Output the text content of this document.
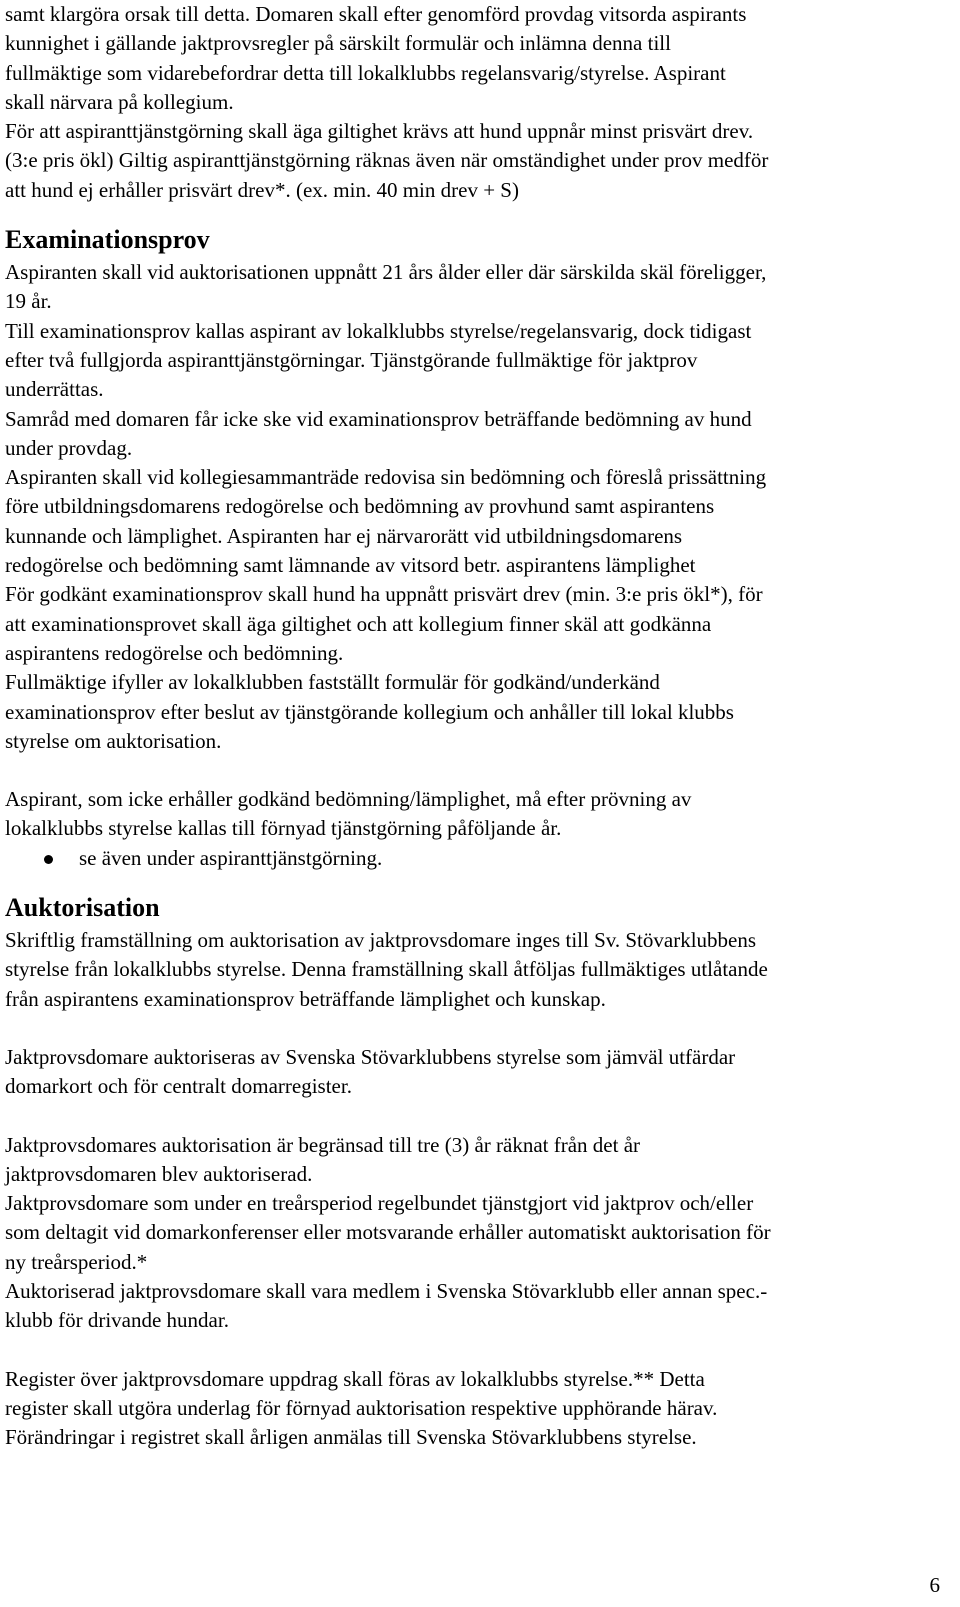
samt klargöra orsak till detta. Domaren skall efter genomförd provdag vitsorda aspirants
kunnighet i gällande jaktprovsregler på särskilt formulär och inlämna denna till
fullmäktige som vidarebefordrar detta till lokalklubbs regelansvarig/styrelse. Aspirant
skall närvara på kollegium.
För att aspiranttjänstgörning skall äga giltighet krävs att hund uppnår minst prisvärt drev.
(3:e pris ökl) Giltig aspiranttjänstgörning räknas även när omständighet under prov medför
att hund ej erhåller prisvärt drev*. (ex. min. 40 min drev + S)
Examinationsprov
Aspiranten skall vid auktorisationen uppnått 21 års ålder eller där särskilda skäl föreligger,
19 år.
Till examinationsprov kallas aspirant av lokalklubbs styrelse/regelansvarig, dock tidigast
efter två fullgjorda aspiranttjänstgörningar. Tjänstgörande fullmäktige för jaktprov
underrättas.
Samråd med domaren får icke ske vid examinationsprov beträffande bedömning av hund
under provdag.
Aspiranten skall vid kollegiesammanträde redovisa sin bedömning och föreslå prissättning
före utbildningsdomarens redogörelse och bedömning av provhund samt aspirantens
kunnande och lämplighet. Aspiranten har ej närvarorätt vid utbildningsdomarens
redogörelse och bedömning samt lämnande av vitsord betr. aspirantens lämplighet
För godkänt examinationsprov skall hund ha uppnått prisvärt drev (min. 3:e pris ökl*), för
att examinationsprovet skall äga giltighet och att kollegium finner skäl att godkänna
aspirantens redogörelse och bedömning.
Fullmäktige ifyller av lokalklubben fastställt formulär för godkänd/underkänd
examinationsprov efter beslut av tjänstgörande kollegium och anhåller till lokal klubbs
styrelse om auktorisation.
Aspirant, som icke erhåller godkänd bedömning/lämplighet, må efter prövning av
lokalklubbs styrelse kallas till förnyad tjänstgörning påföljande år.
se även under aspiranttjänstgörning.
Auktorisation
Skriftlig framställning om auktorisation av jaktprovsdomare inges till Sv. Stövarklubbens
styrelse från lokalklubbs styrelse. Denna framställning skall åtföljas fullmäktiges utlåtande
från aspirantens examinationsprov beträffande lämplighet och kunskap.
Jaktprovsdomare auktoriseras av Svenska Stövarklubbens styrelse som jämväl utfärdar
domarkort och för centralt domarregister.
Jaktprovsdomares auktorisation är begränsad till tre (3) år räknat från det år
jaktprovsdomaren blev auktoriserad.
Jaktprovsdomare som under en treårsperiod regelbundet tjänstgjort vid jaktprov och/eller
som deltagit vid domarkonferenser eller motsvarande erhåller automatiskt auktorisation för
ny treårsperiod.*
Auktoriserad jaktprovsdomare skall vara medlem i Svenska Stövarklubb eller annan spec.-
klubb för drivande hundar.
Register över jaktprovsdomare uppdrag skall föras av lokalklubbs styrelse.** Detta
register skall utgöra underlag för förnyad auktorisation respektive upphörande härav.
Förändringar i registret skall årligen anmälas till Svenska Stövarklubbens styrelse.
6
